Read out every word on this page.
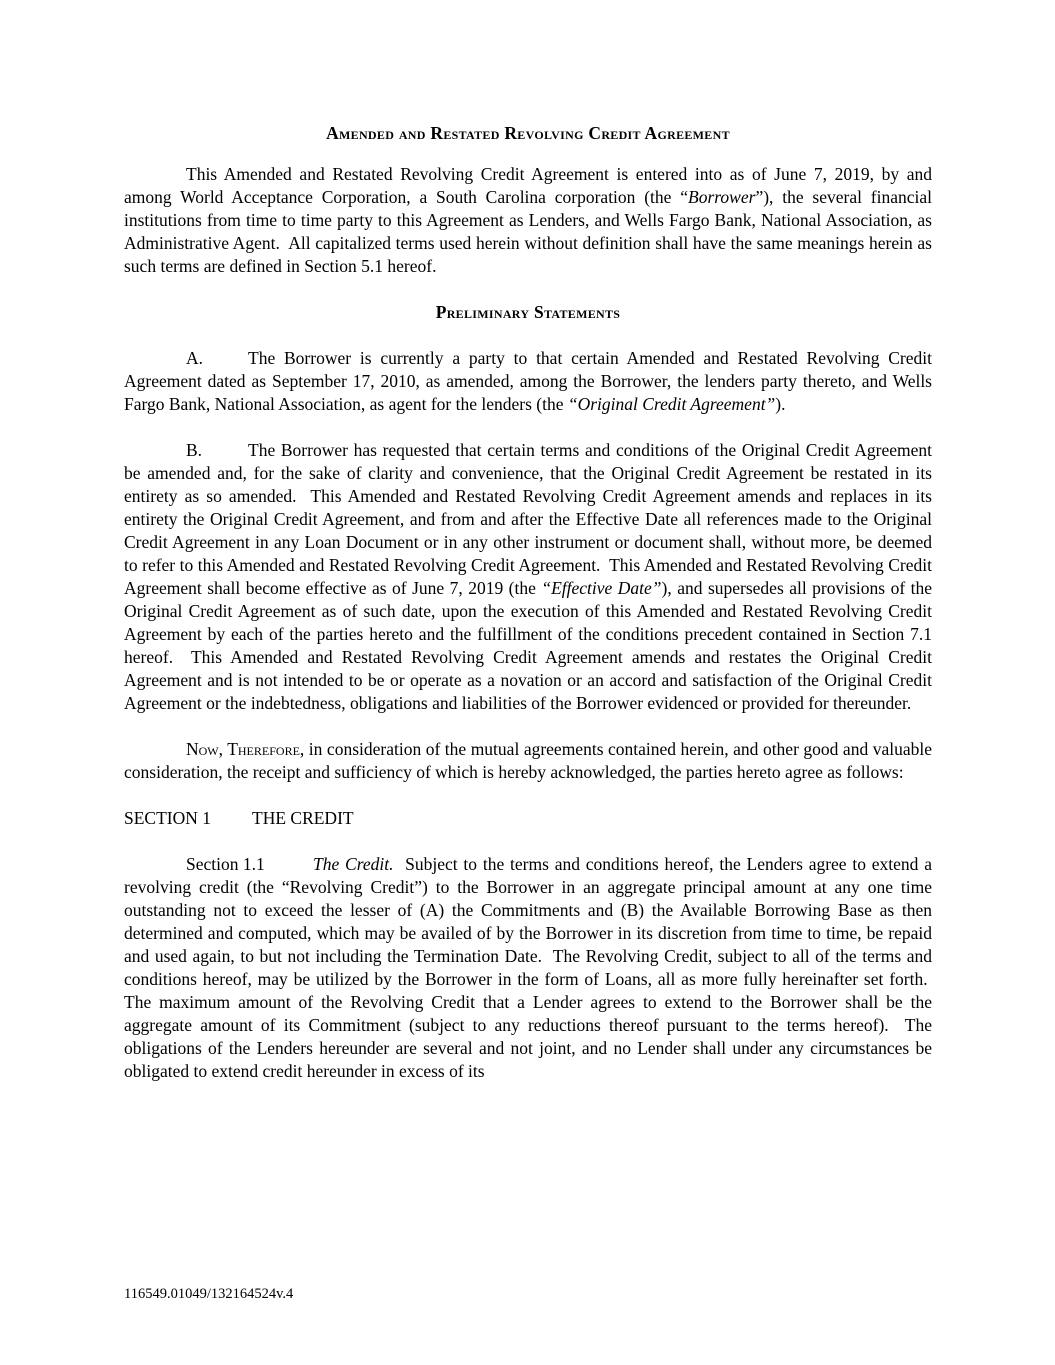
Amended and Restated Revolving Credit Agreement

This Amended and Restated Revolving Credit Agreement is entered into as of June 7, 2019, by and among World Acceptance Corporation, a South Carolina corporation (the “Borrower”), the several financial institutions from time to time party to this Agreement as Lenders, and Wells Fargo Bank, National Association, as Administrative Agent.  All capitalized terms used herein without definition shall have the same meanings herein as such terms are defined in Section 5.1 hereof.

Preliminary Statements

A.	The Borrower is currently a party to that certain Amended and Restated Revolving Credit Agreement dated as September 17, 2010, as amended, among the Borrower, the lenders party thereto, and Wells Fargo Bank, National Association, as agent for the lenders (the “Original Credit Agreement”).

B.	The Borrower has requested that certain terms and conditions of the Original Credit Agreement be amended and, for the sake of clarity and convenience, that the Original Credit Agreement be restated in its entirety as so amended.  This Amended and Restated Revolving Credit Agreement amends and replaces in its entirety the Original Credit Agreement, and from and after the Effective Date all references made to the Original Credit Agreement in any Loan Document or in any other instrument or document shall, without more, be deemed to refer to this Amended and Restated Revolving Credit Agreement.  This Amended and Restated Revolving Credit Agreement shall become effective as of June 7, 2019 (the “Effective Date”), and supersedes all provisions of the Original Credit Agreement as of such date, upon the execution of this Amended and Restated Revolving Credit Agreement by each of the parties hereto and the fulfillment of the conditions precedent contained in Section 7.1 hereof.  This Amended and Restated Revolving Credit Agreement amends and restates the Original Credit Agreement and is not intended to be or operate as a novation or an accord and satisfaction of the Original Credit Agreement or the indebtedness, obligations and liabilities of the Borrower evidenced or provided for thereunder.

Now, Therefore, in consideration of the mutual agreements contained herein, and other good and valuable consideration, the receipt and sufficiency of which is hereby acknowledged, the parties hereto agree as follows:

SECTION 1 THE CREDIT

Section 1.1	The Credit.  Subject to the terms and conditions hereof, the Lenders agree to extend a revolving credit (the “Revolving Credit”) to the Borrower in an aggregate principal amount at any one time outstanding not to exceed the lesser of (A) the Commitments and (B) the Available Borrowing Base as then determined and computed, which may be availed of by the Borrower in its discretion from time to time, be repaid and used again, to but not including the Termination Date.  The Revolving Credit, subject to all of the terms and conditions hereof, may be utilized by the Borrower in the form of Loans, all as more fully hereinafter set forth.  The maximum amount of the Revolving Credit that a Lender agrees to extend to the Borrower shall be the aggregate amount of its Commitment (subject to any reductions thereof pursuant to the terms hereof).  The obligations of the Lenders hereunder are several and not joint, and no Lender shall under any circumstances be obligated to extend credit hereunder in excess of its

116549.01049/132164524v.4
